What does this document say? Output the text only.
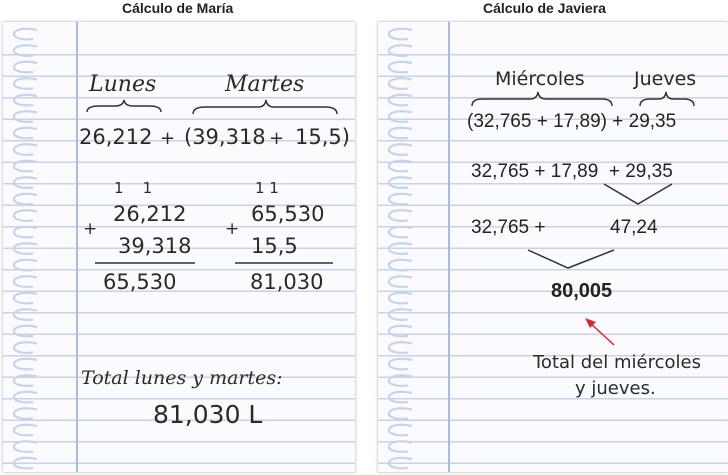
Cálculo de María	Cálculo de Javiera
Lunes	Martes
26,212 + (39,318 + 15,5)
1    1
+
26,212
39,318
65,530
1 1
+
65,530
15,5
81,030
Total lunes y martes:
81,030 L
Miércoles	Jueves
(32,765 + 17,89) + 29,35
32,765 + 17,89  + 29,35
32,765 +	47,24
80,005
Total del miércoles
y jueves.
